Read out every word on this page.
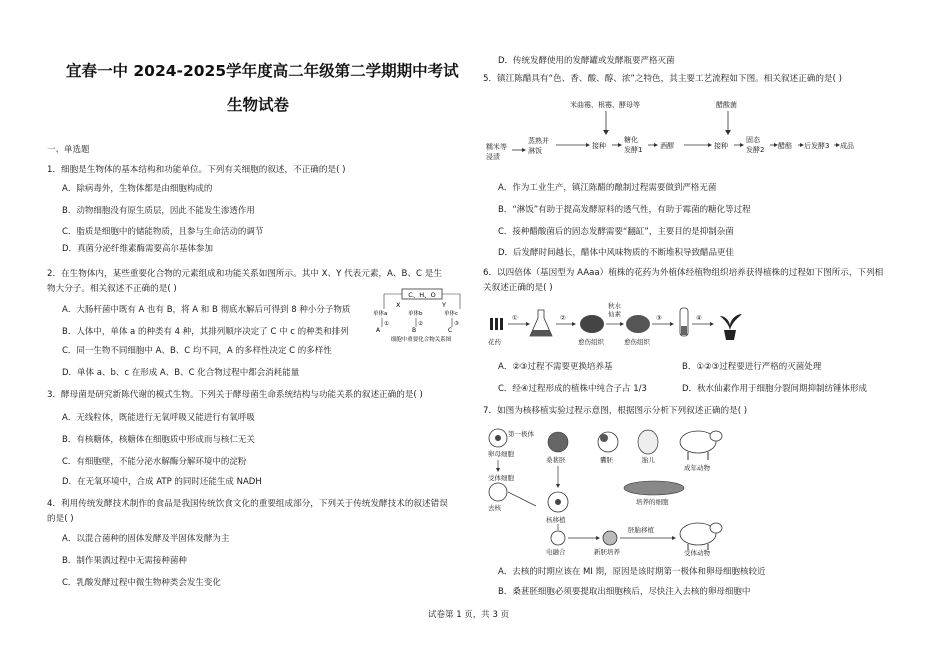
宜春一中 2024-2025学年度高二年级第二学期期中考试
生物试卷
一、单选题
1．细胞是生物体的基本结构和功能单位。下列有关细胞的叙述，不正确的是( )
A．除病毒外，生物体都是由细胞构成的
B．动物细胞没有原生质层，因此不能发生渗透作用
C．脂质是细胞中的储能物质，且参与生命活动的调节
D．真菌分泌纤维素酶需要高尔基体参加
2．在生物体内，某些重要化合物的元素组成和功能关系如图所示。其中 X、Y 代表元素，A、B、C 是生
物大分子。相关叙述不正确的是( )
A．大肠杆菌中既有 A 也有 B，将 A 和 B 彻底水解后可得到 8 种小分子物质
B．人体中，单体 a 的种类有 4 种，其排列顺序决定了 C 中 c 的种类和排列
C．同一生物不同细胞中 A、B、C 均不同，A 的多样性决定 C 的多样性
D．单体 a、b、c 在形成 A、B、C 化合物过程中都会消耗能量
C、H、O
X	Y
单体a	单体b	单体c
①	②	③
A	B	C
细胞中重要化合物关系图
3．酵母菌是研究新陈代谢的模式生物。下列关于酵母菌生命系统结构与功能关系的叙述正确的是( )
A．无线粒体，既能进行无氧呼吸又能进行有氧呼吸
B．有核糖体，核糖体在细胞质中形成而与核仁无关
C．有细胞壁，不能分泌水解酶分解环境中的淀粉
D．在无氧环境中，合成 ATP 的同时还能生成 NADH
4．利用传统发酵技术制作的食品是我国传统饮食文化的重要组成部分，下列关于传统发酵技术的叙述错误
的是( )
A．以混合菌种的固体发酵及半固体发酵为主
B．制作果酒过程中无需接种菌种
C．乳酸发酵过程中微生物种类会发生变化
D．传统发酵使用的发酵罐或发酵瓶要严格灭菌
5．镇江陈醋具有“色、香、酸、醇、浓”之特色，其主要工艺流程如下图。相关叙述正确的是( )
米曲霉、根霉、酵母等	醋酸菌
糯米等
浸渍
蒸熟并
淋饭
接种
糖化
发酵1	酒醪	接种
固态
发酵2 醋醅 后发酵3 成品
A．作为工业生产，镇江陈醋的酿制过程需要做到严格无菌
B．“淋饭”有助于提高发酵原料的透气性，有助于霉菌的糖化等过程
C．接种醋酸菌后的固态发酵需要“翻缸”，主要目的是抑制杂菌
D．后发酵时间越长，醋体中风味物质的不断堆积导致醋品更佳
6．以四倍体（基因型为 AAaa）植株的花药为外植体经植物组织培养获得植株的过程如下图所示，下列相
关叙述正确的是( )
花药
①	②
愈伤组织
秋水
仙素
愈伤组织
③	④
A．②③过程不需要更换培养基	B．①②③过程要进行严格的灭菌处理
C．经④过程形成的植株中纯合子占 1/3	D．秋水仙素作用于细胞分裂间期抑制纺锤体形成
7．如图为核移植实验过程示意图，根据图示分析下列叙述正确的是( )
第一极体
卵母细胞
受体细胞
去核
桑葚胚	囊胚	胎儿
成年动物
培养的细胞
核移植
电融合	新胚培养
胚胎移植
受体动物
A．去核的时期应该在 MⅠ 期，原因是该时期第一极体和卵母细胞核较近
B．桑葚胚细胞必须要提取出细胞核后，尽快注入去核的卵母细胞中
试卷第 1 页，共 3 页
